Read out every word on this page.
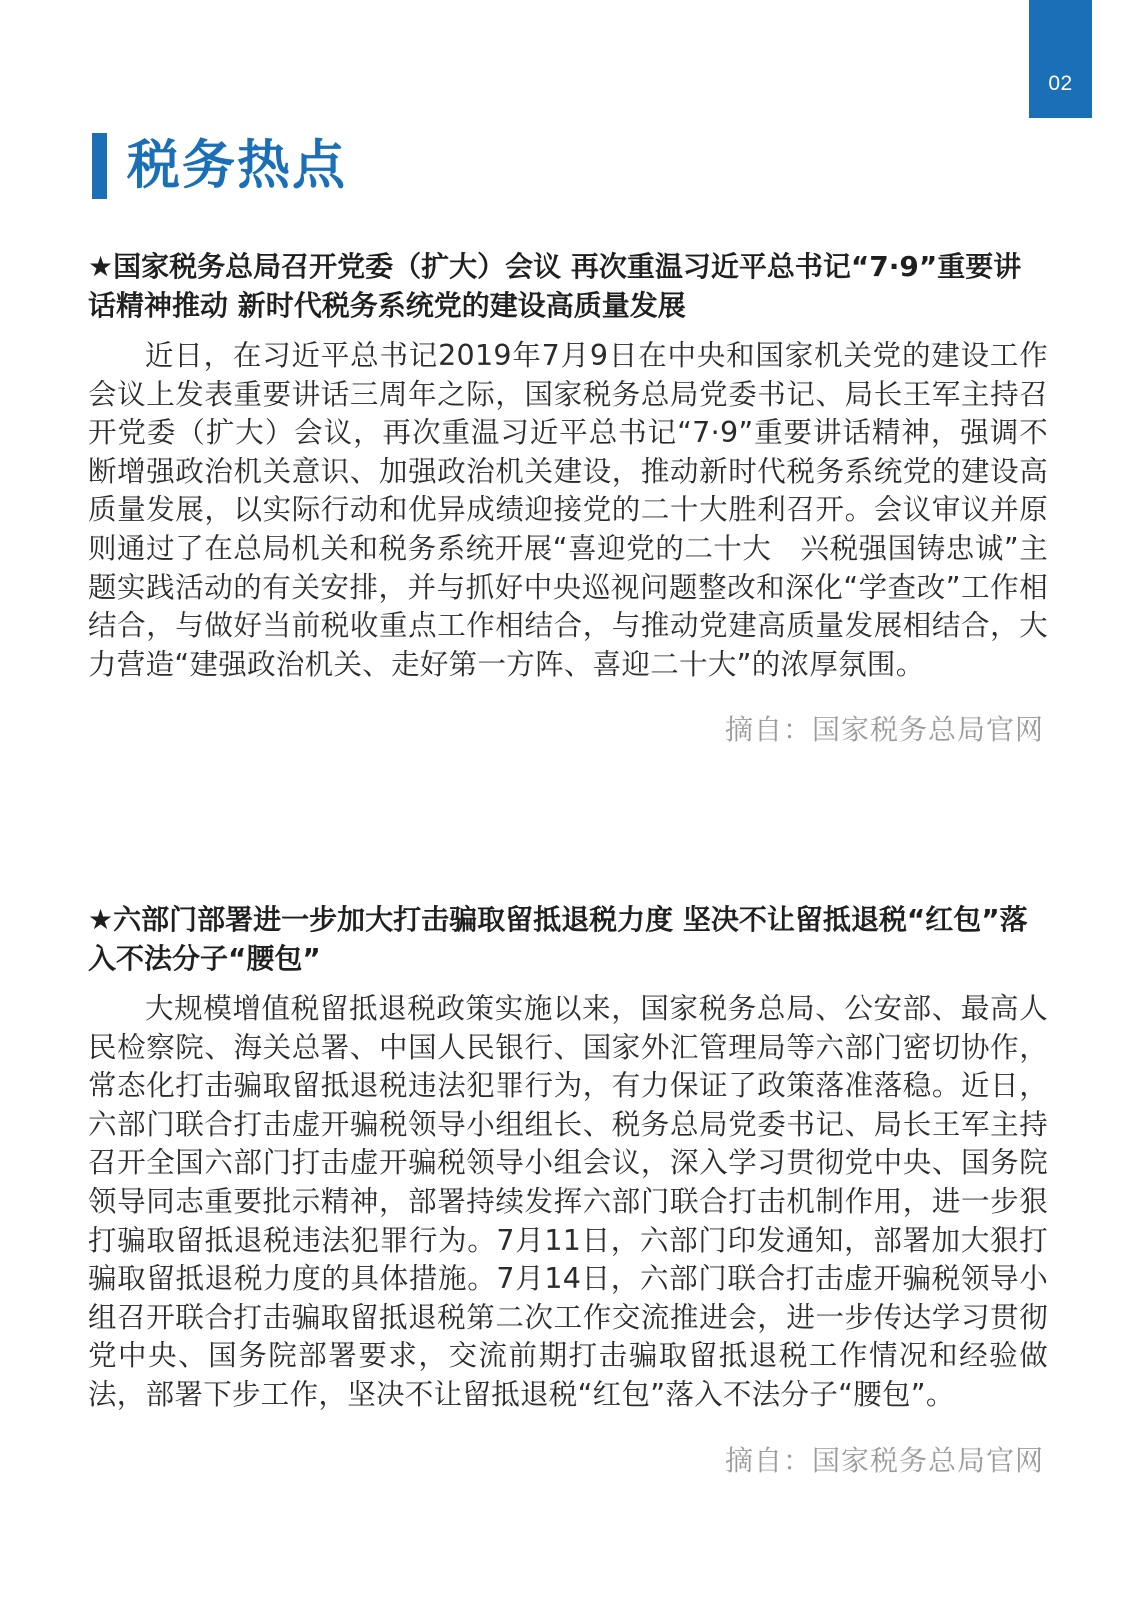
02
税务热点
★国家税务总局召开党委（扩大）会议 再次重温习近平总书记“7·9”重要讲话精神推动 新时代税务系统党的建设高质量发展

近日，在习近平总书记2019年7月9日在中央和国家机关党的建设工作会议上发表重要讲话三周年之际，国家税务总局党委书记、局长王军主持召开党委（扩大）会议，再次重温习近平总书记“7·9”重要讲话精神，强调不断增强政治机关意识、加强政治机关建设，推动新时代税务系统党的建设高质量发展，以实际行动和优异成绩迎接党的二十大胜利召开。会议审议并原则通过了在总局机关和税务系统开展“喜迎党的二十大　兴税强国铸忠诚”主题实践活动的有关安排，并与抓好中央巡视问题整改和深化“学查改”工作相结合，与做好当前税收重点工作相结合，与推动党建高质量发展相结合，大力营造“建强政治机关、走好第一方阵、喜迎二十大”的浓厚氛围。

摘自：国家税务总局官网
★六部门部署进一步加大打击骗取留抵退税力度 坚决不让留抵退税“红包”落入不法分子“腰包”

大规模增值税留抵退税政策实施以来，国家税务总局、公安部、最高人民检察院、海关总署、中国人民银行、国家外汇管理局等六部门密切协作，常态化打击骗取留抵退税违法犯罪行为，有力保证了政策落准落稳。近日，六部门联合打击虚开骗税领导小组组长、税务总局党委书记、局长王军主持召开全国六部门打击虚开骗税领导小组会议，深入学习贯彻党中央、国务院领导同志重要批示精神，部署持续发挥六部门联合打击机制作用，进一步狠打骗取留抵退税违法犯罪行为。7月11日，六部门印发通知，部署加大狠打骗取留抵退税力度的具体措施。7月14日，六部门联合打击虚开骗税领导小组召开联合打击骗取留抵退税第二次工作交流推进会，进一步传达学习贯彻党中央、国务院部署要求，交流前期打击骗取留抵退税工作情况和经验做法，部署下步工作，坚决不让留抵退税“红包”落入不法分子“腰包”。

摘自：国家税务总局官网
